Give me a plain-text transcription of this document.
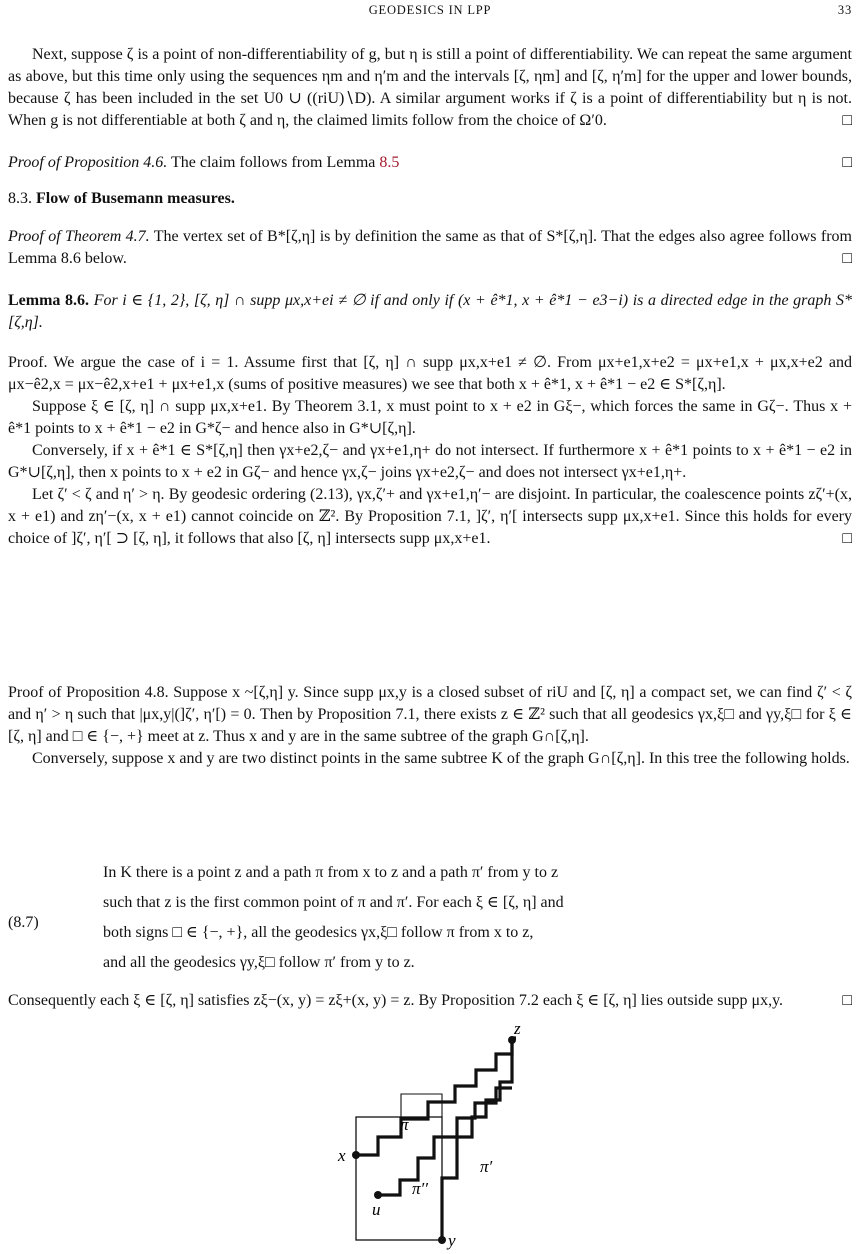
GEODESICS IN LPP	33

Next, suppose ζ is a point of non-differentiability of g, but η is still a point of differentiability. We can repeat the same argument as above, but this time only using the sequences ηm and η′m and the intervals [ζ, ηm] and [ζ, η′m] for the upper and lower bounds, because ζ has been included in the set U0 ∪ ((riU)∖D). A similar argument works if ζ is a point of differentiability but η is not. When g is not differentiable at both ζ and η, the claimed limits follow from the choice of Ω′0.	□

Proof of Proposition 4.6. The claim follows from Lemma 8.5	□

8.3. Flow of Busemann measures.

Proof of Theorem 4.7. The vertex set of B*[ζ,η] is by definition the same as that of S*[ζ,η]. That the edges also agree follows from Lemma 8.6 below.	□

Lemma 8.6. For i ∈ {1, 2}, [ζ, η] ∩ supp μx,x+ei ≠ ∅ if and only if (x + ê*1, x + ê*1 − e3−i) is a directed edge in the graph S*[ζ,η].

Proof. We argue the case of i = 1. Assume first that [ζ, η] ∩ supp μx,x+e1 ≠ ∅. From μx+e1,x+e2 = μx+e1,x + μx,x+e2 and μx−ê2,x = μx−ê2,x+e1 + μx+e1,x (sums of positive measures) we see that both x + ê*1, x + ê*1 − e2 ∈ S*[ζ,η].

Suppose ξ ∈ [ζ, η] ∩ supp μx,x+e1. By Theorem 3.1, x must point to x + e2 in Gξ−, which forces the same in Gζ−. Thus x + ê*1 points to x + ê*1 − e2 in G*ζ− and hence also in G*∪[ζ,η].

Conversely, if x + ê*1 ∈ S*[ζ,η] then γx+e2,ζ− and γx+e1,η+ do not intersect. If furthermore x + ê*1 points to x + ê*1 − e2 in G*∪[ζ,η], then x points to x + e2 in Gζ− and hence γx,ζ− joins γx+e2,ζ− and does not intersect γx+e1,η+.

Let ζ′ < ζ and η′ > η. By geodesic ordering (2.13), γx,ζ′+ and γx+e1,η′− are disjoint. In particular, the coalescence points zζ′+(x, x + e1) and zη′−(x, x + e1) cannot coincide on ℤ². By Proposition 7.1, ]ζ′, η′[ intersects supp μx,x+e1. Since this holds for every choice of ]ζ′, η′[ ⊃ [ζ, η], it follows that also [ζ, η] intersects supp μx,x+e1.	□

Proof of Proposition 4.8. Suppose x ~[ζ,η] y. Since supp μx,y is a closed subset of riU and [ζ, η] a compact set, we can find ζ′ < ζ and η′ > η such that |μx,y|(]ζ′, η′[) = 0. Then by Proposition 7.1, there exists z ∈ ℤ² such that all geodesics γx,ξ□ and γy,ξ□ for ξ ∈ [ζ, η] and □ ∈ {−, +} meet at z. Thus x and y are in the same subtree of the graph G∩[ζ,η].

Conversely, suppose x and y are two distinct points in the same subtree K of the graph G∩[ζ,η]. In this tree the following holds.

(8.7)
In K there is a point z and a path π from x to z and a path π′ from y to z
such that z is the first common point of π and π′. For each ξ ∈ [ζ, η] and
both signs □ ∈ {−, +}, all the geodesics γx,ξ□ follow π from x to z,
and all the geodesics γy,ξ□ follow π′ from y to z.

Consequently each ξ ∈ [ζ, η] satisfies zξ−(x, y) = zξ+(x, y) = z. By Proposition 7.2 each ξ ∈ [ζ, η] lies outside supp μx,y.	□

x
u
y
z
π
π′
π′′
